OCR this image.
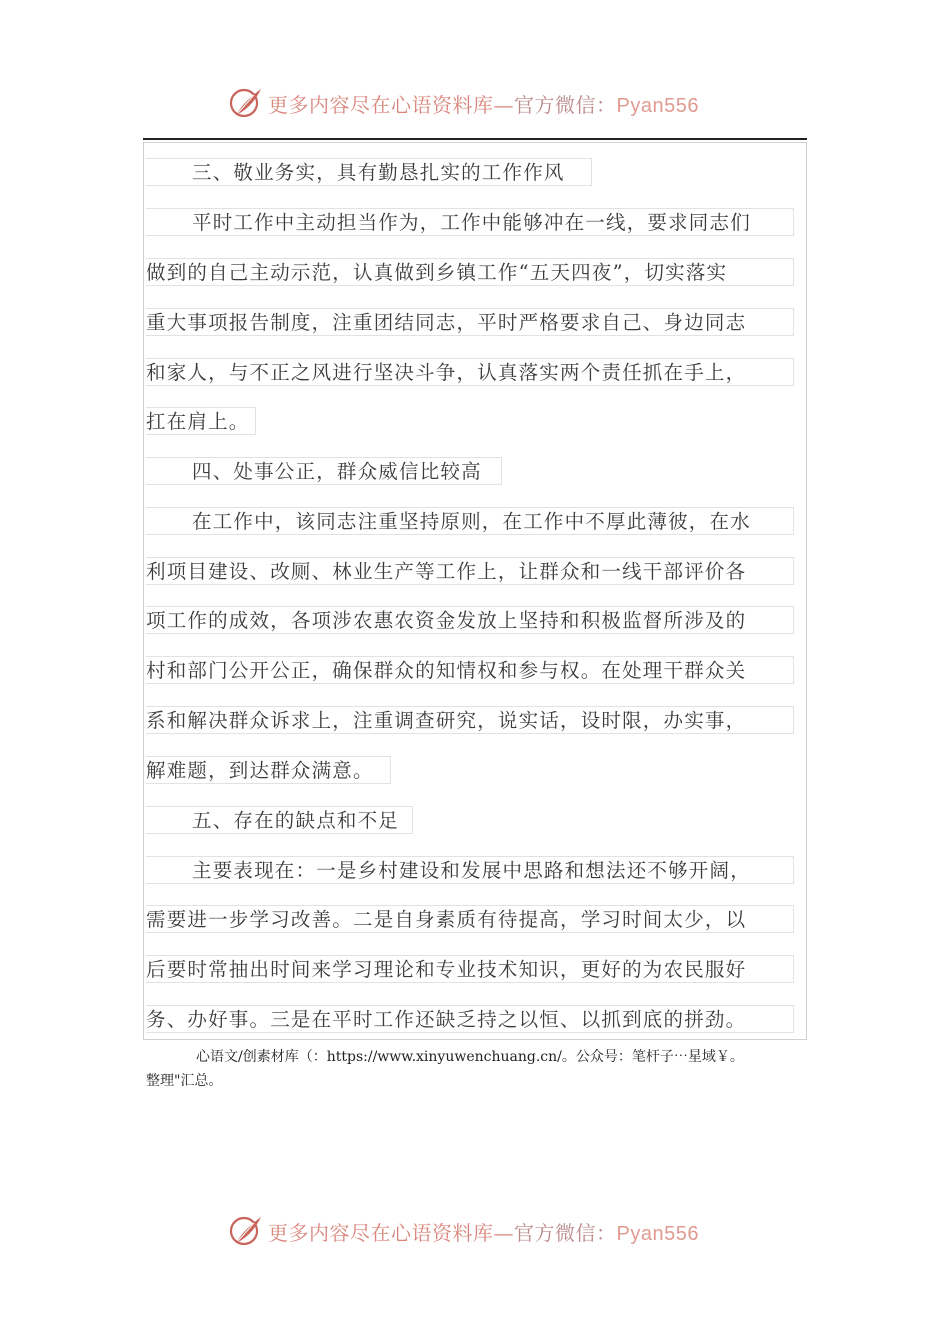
更多内容尽在心语资料库—官方微信：Pyan556
三、敬业务实，具有勤恳扎实的工作作风
平时工作中主动担当作为，工作中能够冲在一线，要求同志们
做到的自己主动示范，认真做到乡镇工作“五天四夜”，切实落实
重大事项报告制度，注重团结同志，平时严格要求自己、身边同志
和家人，与不正之风进行坚决斗争，认真落实两个责任抓在手上，
扛在肩上。
四、处事公正，群众威信比较高
在工作中，该同志注重坚持原则，在工作中不厚此薄彼，在水
利项目建设、改厕、林业生产等工作上，让群众和一线干部评价各
项工作的成效，各项涉农惠农资金发放上坚持和积极监督所涉及的
村和部门公开公正，确保群众的知情权和参与权。在处理干群众关
系和解决群众诉求上，注重调查研究，说实话，设时限，办实事，
解难题，到达群众满意。
五、存在的缺点和不足
主要表现在：一是乡村建设和发展中思路和想法还不够开阔，
需要进一步学习改善。二是自身素质有待提高，学习时间太少，以
后要时常抽出时间来学习理论和专业技术知识，更好的为农民服好
务、办好事。三是在平时工作还缺乏持之以恒、以抓到底的拼劲。
心语文/创素材库（：https://www.xinyuwenchuang.cn/。公众号：笔杆子⋯星域￥。
整理"汇总。
更多内容尽在心语资料库—官方微信：Pyan556
